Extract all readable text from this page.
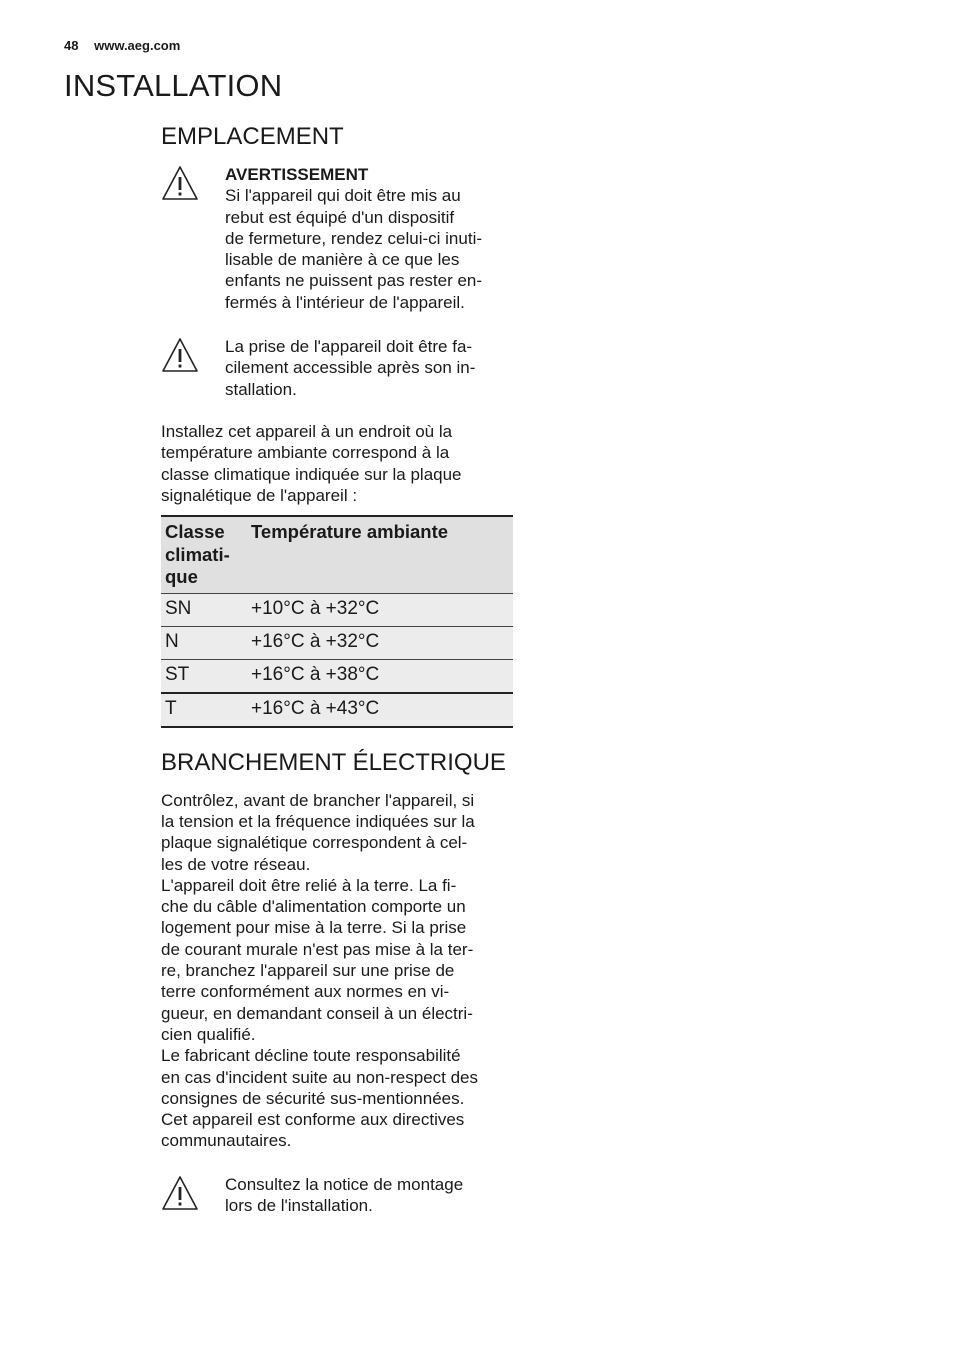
48 www.aeg.com
INSTALLATION
EMPLACEMENT
AVERTISSEMENT
Si l'appareil qui doit être mis au
rebut est équipé d'un dispositif
de fermeture, rendez celui-ci inuti-
lisable de manière à ce que les
enfants ne puissent pas rester en-
fermés à l'intérieur de l'appareil.
La prise de l'appareil doit être fa-
cilement accessible après son in-
stallation.

Installez cet appareil à un endroit où la
température ambiante correspond à la
classe climatique indiquée sur la plaque
signalétique de l'appareil :

Classe
climati-
que	Température ambiante
SN	+10°C à +32°C
N	+16°C à +32°C
ST	+16°C à +38°C
T	+16°C à +43°C
BRANCHEMENT ÉLECTRIQUE

Contrôlez, avant de brancher l'appareil, si
la tension et la fréquence indiquées sur la
plaque signalétique correspondent à cel-
les de votre réseau.
L'appareil doit être relié à la terre. La fi-
che du câble d'alimentation comporte un
logement pour mise à la terre. Si la prise
de courant murale n'est pas mise à la ter-
re, branchez l'appareil sur une prise de
terre conformément aux normes en vi-
gueur, en demandant conseil à un électri-
cien qualifié.
Le fabricant décline toute responsabilité
en cas d'incident suite au non-respect des
consignes de sécurité sus-mentionnées.
Cet appareil est conforme aux directives
communautaires.

Consultez la notice de montage
lors de l'installation.
